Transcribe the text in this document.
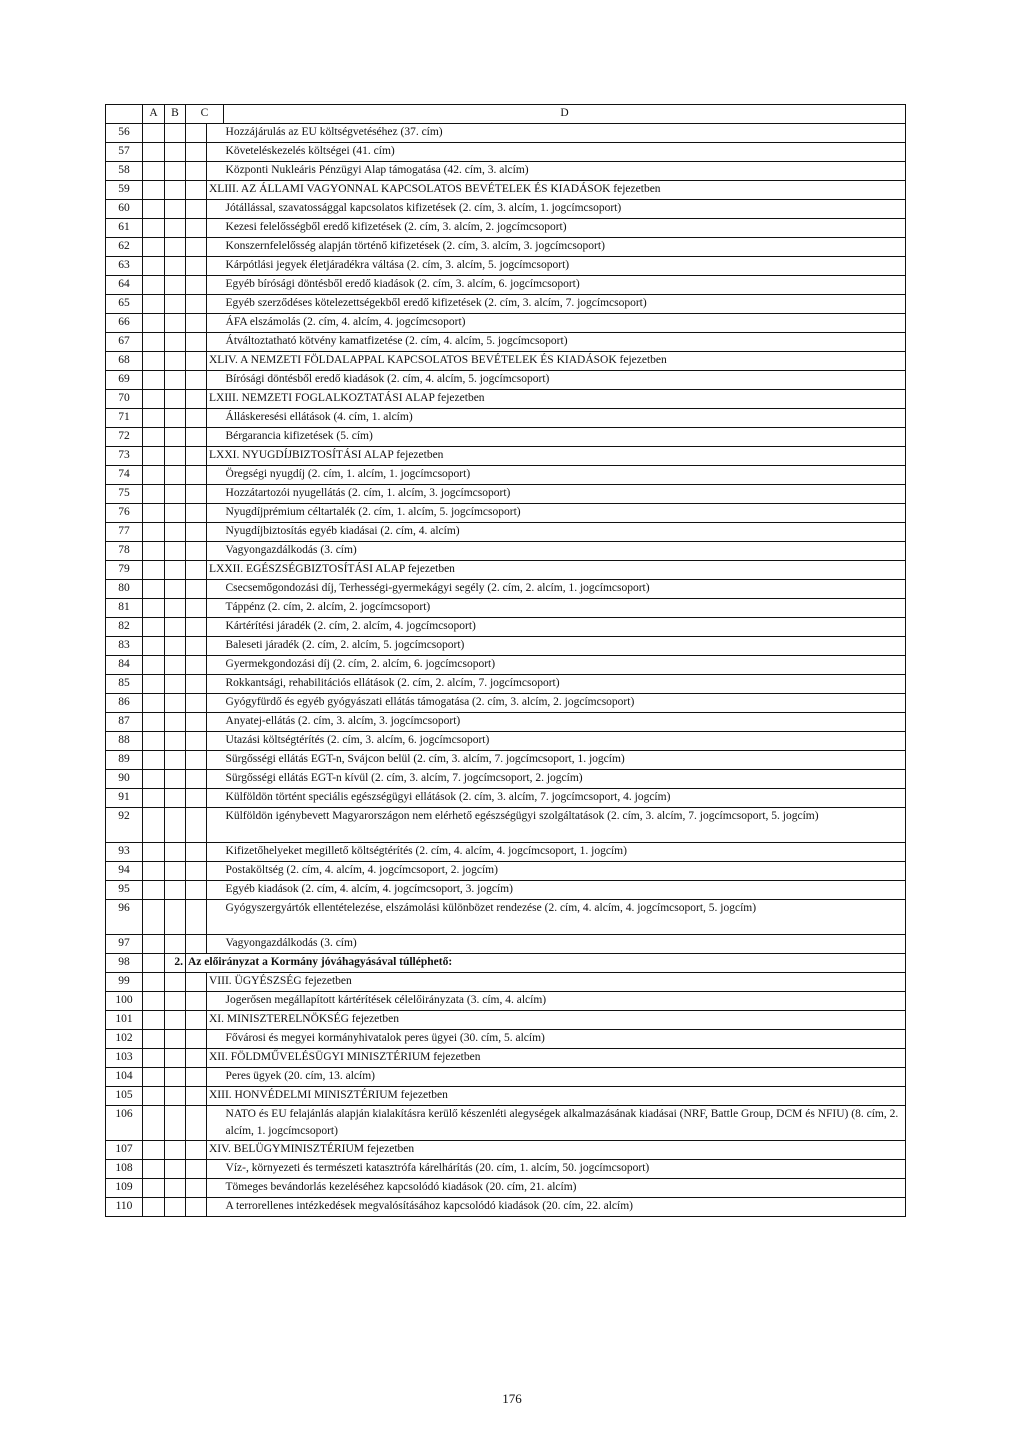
	A	B	C		D
56					Hozzájárulás az EU költségvetéséhez (37. cím)
57					Követeléskezelés költségei (41. cím)
58					Központi Nukleáris Pénzügyi Alap támogatása (42. cím, 3. alcím)
59				XLIII. AZ ÁLLAMI VAGYONNAL KAPCSOLATOS BEVÉTELEK ÉS KIADÁSOK fejezetben	
60					Jótállással, szavatossággal kapcsolatos kifizetések (2. cím, 3. alcím, 1. jogcímcsoport)
61					Kezesi felelősségből eredő kifizetések (2. cím, 3. alcím, 2. jogcímcsoport)
62					Konszernfelelősség alapján történő kifizetések (2. cím, 3. alcím, 3. jogcímcsoport)
63					Kárpótlási jegyek életjáradékra váltása (2. cím, 3. alcím, 5. jogcímcsoport)
64					Egyéb bírósági döntésből eredő kiadások (2. cím, 3. alcím, 6. jogcímcsoport)
65					Egyéb szerződéses kötelezettségekből eredő kifizetések (2. cím, 3. alcím, 7. jogcímcsoport)
66					ÁFA elszámolás (2. cím, 4. alcím, 4. jogcímcsoport)
67					Átváltoztatható kötvény kamatfizetése (2. cím, 4. alcím, 5. jogcímcsoport)
68				XLIV. A NEMZETI FÖLDALAPPAL KAPCSOLATOS BEVÉTELEK ÉS KIADÁSOK fejezetben	
69					Bírósági döntésből eredő kiadások (2. cím, 4. alcím, 5. jogcímcsoport)
70				LXIII. NEMZETI FOGLALKOZTATÁSI ALAP fejezetben	
71					Álláskeresési ellátások (4. cím, 1. alcím)
72					Bérgarancia kifizetések (5. cím)
73				LXXI. NYUGDÍJBIZTOSÍTÁSI ALAP fejezetben	
74					Öregségi nyugdíj (2. cím, 1. alcím, 1. jogcímcsoport)
75					Hozzátartozói nyugellátás (2. cím, 1. alcím, 3. jogcímcsoport)
76					Nyugdíjprémium céltartalék (2. cím, 1. alcím, 5. jogcímcsoport)
77					Nyugdíjbiztosítás egyéb kiadásai (2. cím, 4. alcím)
78					Vagyongazdálkodás (3. cím)
79				LXXII. EGÉSZSÉGBIZTOSÍTÁSI ALAP fejezetben	
80					Csecsemőgondozási díj, Terhességi-gyermekágyi segély (2. cím, 2. alcím, 1. jogcímcsoport)
81					Táppénz (2. cím, 2. alcím, 2. jogcímcsoport)
82					Kártérítési járadék (2. cím, 2. alcím, 4. jogcímcsoport)
83					Baleseti járadék (2. cím, 2. alcím, 5. jogcímcsoport)
84					Gyermekgondozási díj (2. cím, 2. alcím, 6. jogcímcsoport)
85					Rokkantsági, rehabilitációs ellátások (2. cím, 2. alcím, 7. jogcímcsoport)
86					Gyógyfürdő és egyéb gyógyászati ellátás támogatása (2. cím, 3. alcím, 2. jogcímcsoport)
87					Anyatej-ellátás (2. cím, 3. alcím, 3. jogcímcsoport)
88					Utazási költségtérítés (2. cím, 3. alcím, 6. jogcímcsoport)
89					Sürgősségi ellátás EGT-n, Svájcon belül (2. cím, 3. alcím, 7. jogcímcsoport, 1. jogcím)
90					Sürgősségi ellátás EGT-n kívül (2. cím, 3. alcím, 7. jogcímcsoport, 2. jogcím)
91					Külföldön történt speciális egészségügyi ellátások (2. cím, 3. alcím, 7. jogcímcsoport, 4. jogcím)
92					Külföldön igénybevett Magyarországon nem elérhető egészségügyi szolgáltatások (2. cím, 3. alcím, 7. jogcímcsoport, 5. jogcím)
93					Kifizetőhelyeket megillető költségtérítés (2. cím, 4. alcím, 4. jogcímcsoport, 1. jogcím)
94					Postaköltség (2. cím, 4. alcím, 4. jogcímcsoport, 2. jogcím)
95					Egyéb kiadások (2. cím, 4. alcím, 4. jogcímcsoport, 3. jogcím)
96					Gyógyszergyártók ellentételezése, elszámolási különbözet rendezése (2. cím, 4. alcím, 4. jogcímcsoport, 5. jogcím)
97					Vagyongazdálkodás (3. cím)
98		2.	Az előirányzat a Kormány jóváhagyásával túlléphető:		
99				VIII. ÜGYÉSZSÉG fejezetben	
100					Jogerősen megállapított kártérítések célelőirányzata (3. cím, 4. alcím)
101				XI. MINISZTERELNÖKSÉG fejezetben	
102					Fővárosi és megyei kormányhivatalok peres ügyei (30. cím, 5. alcím)
103				XII. FÖLDMŰVELÉSÜGYI MINISZTÉRIUM fejezetben	
104					Peres ügyek (20. cím, 13. alcím)
105				XIII. HONVÉDELMI MINISZTÉRIUM fejezetben	
106					NATO és EU felajánlás alapján kialakításra kerülő készenléti alegységek alkalmazásának kiadásai (NRF, Battle Group, DCM és NFIU) (8. cím, 2. alcím, 1. jogcímcsoport)
107				XIV. BELÜGYMINISZTÉRIUM fejezetben	
108					Víz-, környezeti és természeti katasztrófa kárelhárítás (20. cím, 1. alcím, 50. jogcímcsoport)
109					Tömeges bevándorlás kezeléséhez kapcsolódó kiadások (20. cím, 21. alcím)
110					A terrorellenes intézkedések megvalósításához kapcsolódó kiadások (20. cím, 22. alcím)
176
